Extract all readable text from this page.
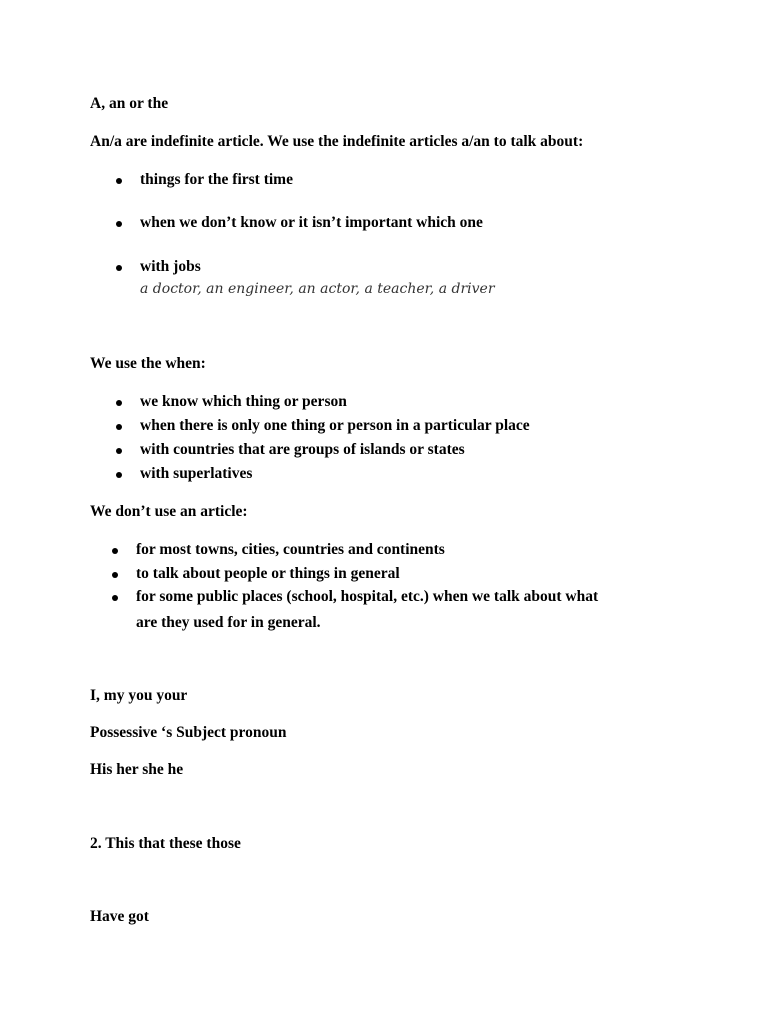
A, an or the
An/a are indefinite article. We use the indefinite articles a/an to talk about:
things for the first time
when we don’t know or it isn’t important which one
with jobs
a doctor, an engineer, an actor, a teacher, a driver
We use the when:
we know which thing or person
when there is only one thing or person in a particular place
with countries that are groups of islands or states
with superlatives
We don’t use an article:
for most towns, cities, countries and continents
to talk about people or things in general
for some public places (school, hospital, etc.) when we talk about what
are they used for in general.
I, my you your
Possessive ‘s Subject pronoun
His her she he
2. This that these those
Have got
